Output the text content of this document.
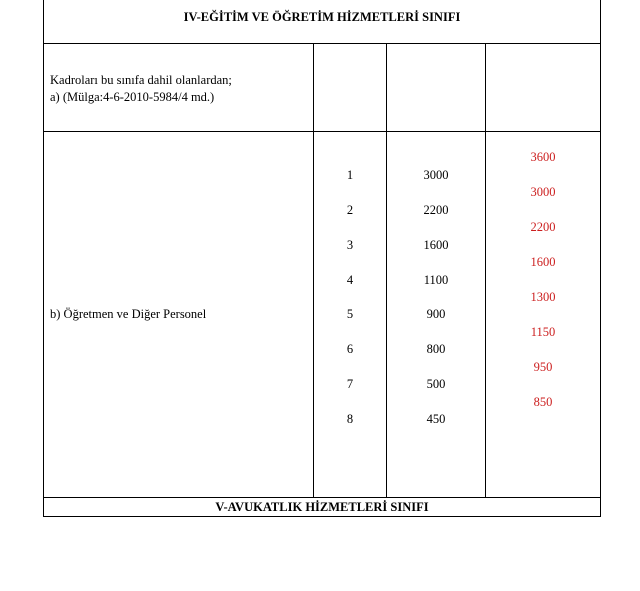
IV-EĞİTİM VE ÖĞRETİM HİZMETLERİ SINIFI
Kadroları bu sınıfa dahil olanlardan;
a) (Mülga:4-6-2010-5984/4 md.)
b) Öğretmen ve Diğer Personel
1
2
3
4
5
6
7
8
3000
2200
1600
1100
900
800
500
450
3600
3000
2200
1600
1300
1150
950
850
V-AVUKATLIK HİZMETLERİ SINIFI
